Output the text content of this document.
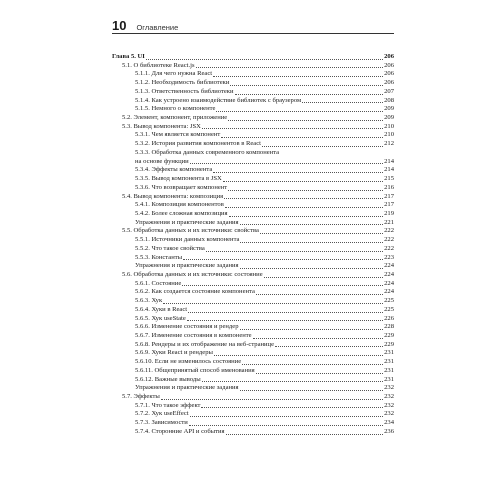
10 Оглавление
Глава 5. UI	206
5.1. О библиотеке React.js	206
5.1.1. Для чего нужна React	206
5.1.2. Необходимость библиотеки	206
5.1.3. Ответственность библиотеки	207
5.1.4. Как устроено взаимодействие библиотек с браузером	208
5.1.5. Немного о компоненте	209
5.2. Элемент, компонент, приложение	209
5.3. Вывод компонента: JSX	210
5.3.1. Чем является компонент	210
5.3.2. История развития компонентов в React	212
5.3.3. Обработка данных современного компонента
на основе функции	214
5.3.4. Эффекты компонента	214
5.3.5. Вывод компонента в JSX	215
5.3.6. Что возвращает компонент	216
5.4. Вывод компонента: композиция	217
5.4.1. Композиция компонентов	217
5.4.2. Более сложная композиция	219
Упражнения и практические задания	221
5.5. Обработка данных и их источники: свойства	222
5.5.1. Источники данных компонента	222
5.5.2. Что такое свойства	222
5.5.3. Константы	223
Упражнения и практические задания	224
5.6. Обработка данных и их источники: состояние	224
5.6.1. Состояние	224
5.6.2. Как создается состояние компонента	224
5.6.3. Хук	225
5.6.4. Хуки в React	225
5.6.5. Хук useState	226
5.6.6. Изменение состояния и рендер	228
5.6.7. Изменение состояния в компоненте	229
5.6.8. Рендеры и их отображение на веб-странице	229
5.6.9. Хуки React и рендеры	231
5.6.10. Если не изменилось состояние	231
5.6.11. Общепринятый способ именования	231
5.6.12. Важные выводы	231
Упражнения и практические задания	232
5.7. Эффекты	232
5.7.1. Что такое эффект	232
5.7.2. Хук useEffect	232
5.7.3. Зависимости	234
5.7.4. Сторонние API и события	236
